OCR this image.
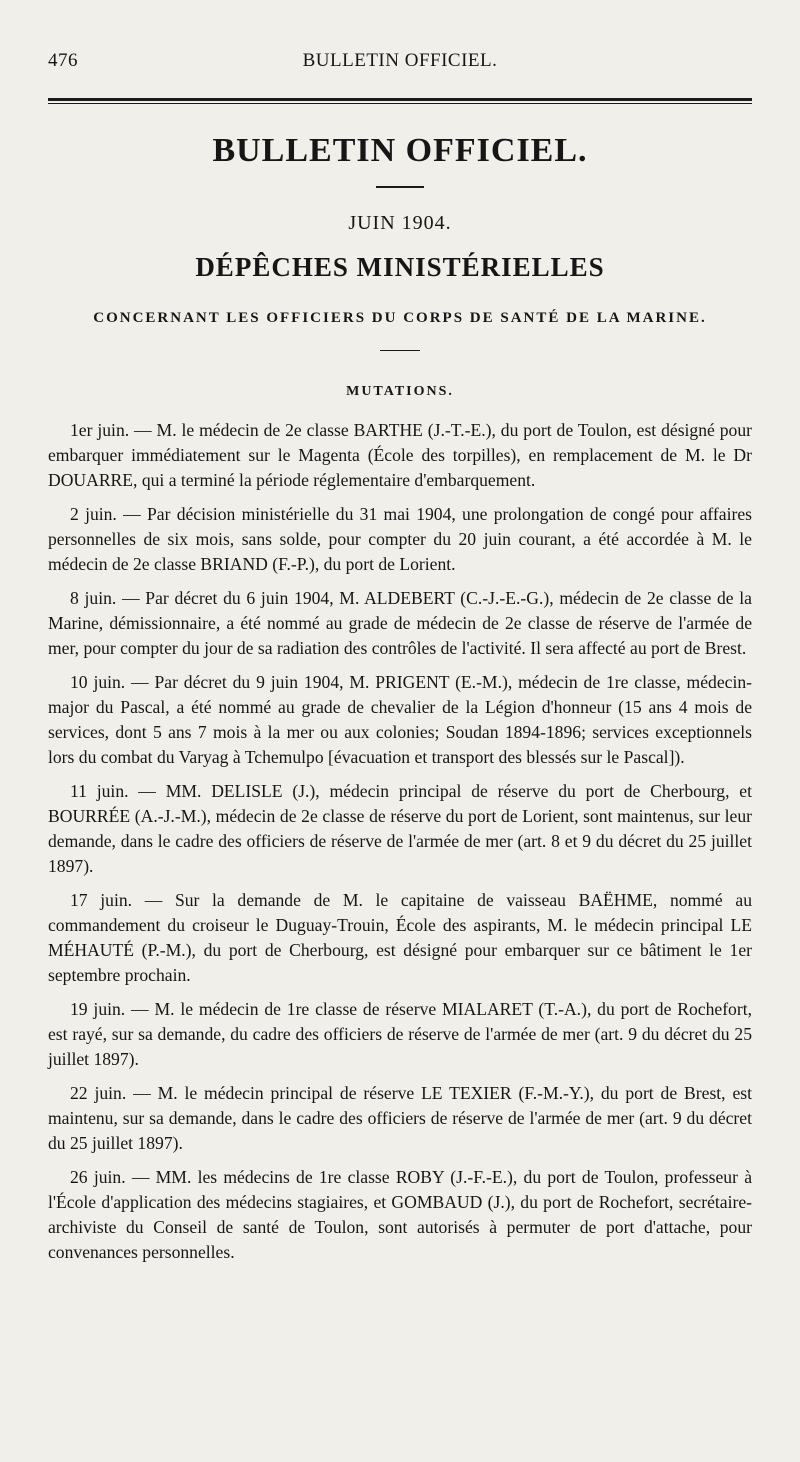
476	BULLETIN OFFICIEL.
BULLETIN OFFICIEL.
JUIN 1904.
DÉPÊCHES MINISTÉRIELLES
CONCERNANT LES OFFICIERS DU CORPS DE SANTÉ DE LA MARINE.
MUTATIONS.

1er juin. — M. le médecin de 2e classe BARTHE (J.-T.-E.), du port de Toulon, est désigné pour embarquer immédiatement sur le Magenta (École des torpilles), en remplacement de M. le Dr DOUARRE, qui a terminé la période réglementaire d'embarquement.

2 juin. — Par décision ministérielle du 31 mai 1904, une prolongation de congé pour affaires personnelles de six mois, sans solde, pour compter du 20 juin courant, a été accordée à M. le médecin de 2e classe BRIAND (F.-P.), du port de Lorient.

8 juin. — Par décret du 6 juin 1904, M. ALDEBERT (C.-J.-E.-G.), médecin de 2e classe de la Marine, démissionnaire, a été nommé au grade de médecin de 2e classe de réserve de l'armée de mer, pour compter du jour de sa radiation des contrôles de l'activité. Il sera affecté au port de Brest.

10 juin. — Par décret du 9 juin 1904, M. PRIGENT (E.-M.), médecin de 1re classe, médecin-major du Pascal, a été nommé au grade de chevalier de la Légion d'honneur (15 ans 4 mois de services, dont 5 ans 7 mois à la mer ou aux colonies; Soudan 1894-1896; services exceptionnels lors du combat du Varyag à Tchemulpo [évacuation et transport des blessés sur le Pascal]).

11 juin. — MM. DELISLE (J.), médecin principal de réserve du port de Cherbourg, et BOURRÉE (A.-J.-M.), médecin de 2e classe de réserve du port de Lorient, sont maintenus, sur leur demande, dans le cadre des officiers de réserve de l'armée de mer (art. 8 et 9 du décret du 25 juillet 1897).

17 juin. — Sur la demande de M. le capitaine de vaisseau BAËHME, nommé au commandement du croiseur le Duguay-Trouin, École des aspirants, M. le médecin principal LE MÉHAUTÉ (P.-M.), du port de Cherbourg, est désigné pour embarquer sur ce bâtiment le 1er septembre prochain.

19 juin. — M. le médecin de 1re classe de réserve MIALARET (T.-A.), du port de Rochefort, est rayé, sur sa demande, du cadre des officiers de réserve de l'armée de mer (art. 9 du décret du 25 juillet 1897).

22 juin. — M. le médecin principal de réserve LE TEXIER (F.-M.-Y.), du port de Brest, est maintenu, sur sa demande, dans le cadre des officiers de réserve de l'armée de mer (art. 9 du décret du 25 juillet 1897).

26 juin. — MM. les médecins de 1re classe ROBY (J.-F.-E.), du port de Toulon, professeur à l'École d'application des médecins stagiaires, et GOMBAUD (J.), du port de Rochefort, secrétaire-archiviste du Conseil de santé de Toulon, sont autorisés à permuter de port d'attache, pour convenances personnelles.
